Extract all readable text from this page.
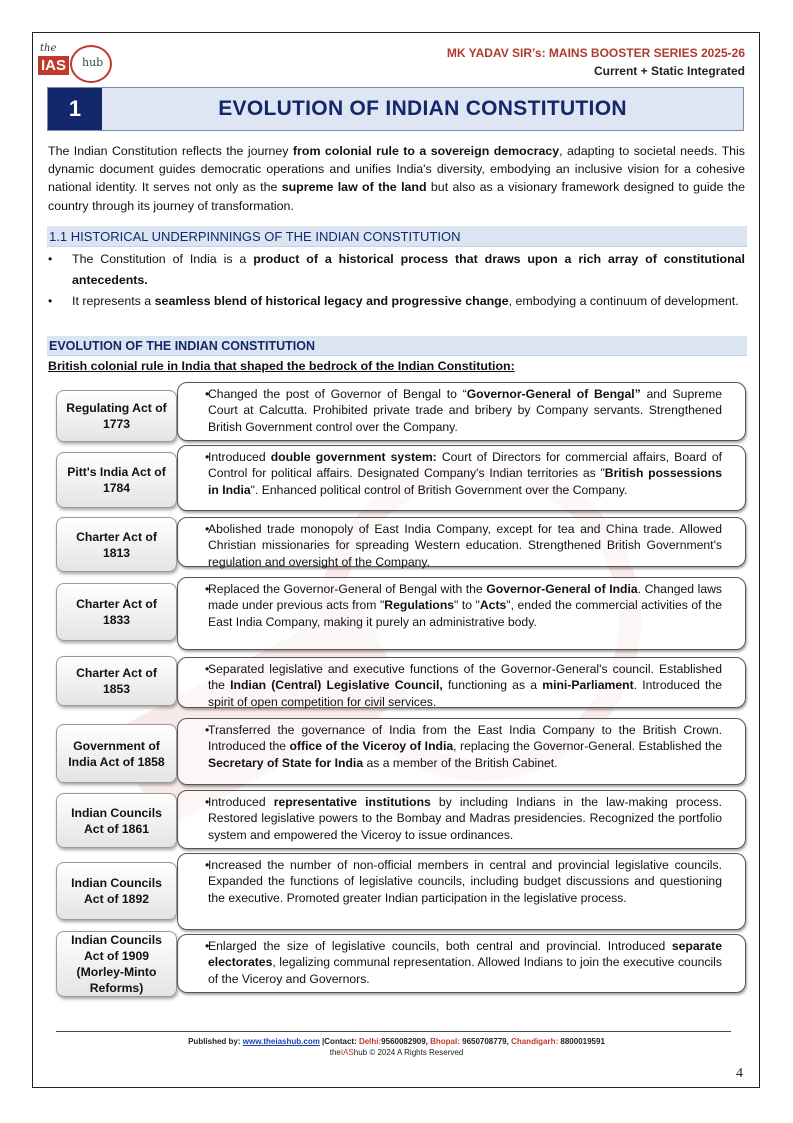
the
IAS hub
MK YADAV SIR’s: MAINS BOOSTER SERIES 2025-26
Current + Static Integrated
1	EVOLUTION OF INDIAN CONSTITUTION
The Indian Constitution reflects the journey from colonial rule to a sovereign democracy, adapting to societal needs. This dynamic document guides democratic operations and unifies India's diversity, embodying an inclusive vision for a cohesive national identity. It serves not only as the supreme law of the land but also as a visionary framework designed to guide the country through its journey of transformation.
1.1 HISTORICAL UNDERPINNINGS OF THE INDIAN CONSTITUTION
•	The Constitution of India is a product of a historical process that draws upon a rich array of constitutional antecedents.
•	It represents a seamless blend of historical legacy and progressive change, embodying a continuum of development.
EVOLUTION OF THE INDIAN CONSTITUTION
British colonial rule in India that shaped the bedrock of the Indian Constitution:
Regulating Act of 1773
•
Changed the post of Governor of Bengal to “Governor-General of Bengal” and Supreme Court at Calcutta. Prohibited private trade and bribery by Company servants. Strengthened British Government control over the Company.
Pitt's India Act of 1784
•
Introduced double government system: Court of Directors for commercial affairs, Board of Control for political affairs. Designated Company's Indian territories as "British possessions in India". Enhanced political control of British Government over the Company.
Charter Act of 1813
•
Abolished trade monopoly of East India Company, except for tea and China trade. Allowed Christian missionaries for spreading Western education. Strengthened British Government's regulation and oversight of the Company.
Charter Act of 1833
•
Replaced the Governor-General of Bengal with the Governor-General of India. Changed laws made under previous acts from "Regulations" to "Acts", ended the commercial activities of the East India Company, making it purely an administrative body.
Charter Act of 1853
•
Separated legislative and executive functions of the Governor-General's council. Established the Indian (Central) Legislative Council, functioning as a mini-Parliament. Introduced the spirit of open competition for civil services.
Government of India Act of 1858
•
Transferred the governance of India from the East India Company to the British Crown. Introduced the office of the Viceroy of India, replacing the Governor-General. Established the Secretary of State for India as a member of the British Cabinet.
Indian Councils Act of 1861
•
Introduced representative institutions by including Indians in the law-making process. Restored legislative powers to the Bombay and Madras presidencies. Recognized the portfolio system and empowered the Viceroy to issue ordinances.
Indian Councils Act of 1892
•
Increased the number of non-official members in central and provincial legislative councils. Expanded the functions of legislative councils, including budget discussions and questioning the executive. Promoted greater Indian participation in the legislative process.
Indian Councils Act of 1909 (Morley-Minto Reforms)
•
Enlarged the size of legislative councils, both central and provincial. Introduced separate electorates, legalizing communal representation. Allowed Indians to join the executive councils of the Viceroy and Governors.
Published by: www.theiashub.com |Contact: Delhi:9560082909, Bhopal: 9650708779, Chandigarh: 8800019591
theIAShub © 2024 A Rights Reserved
4
